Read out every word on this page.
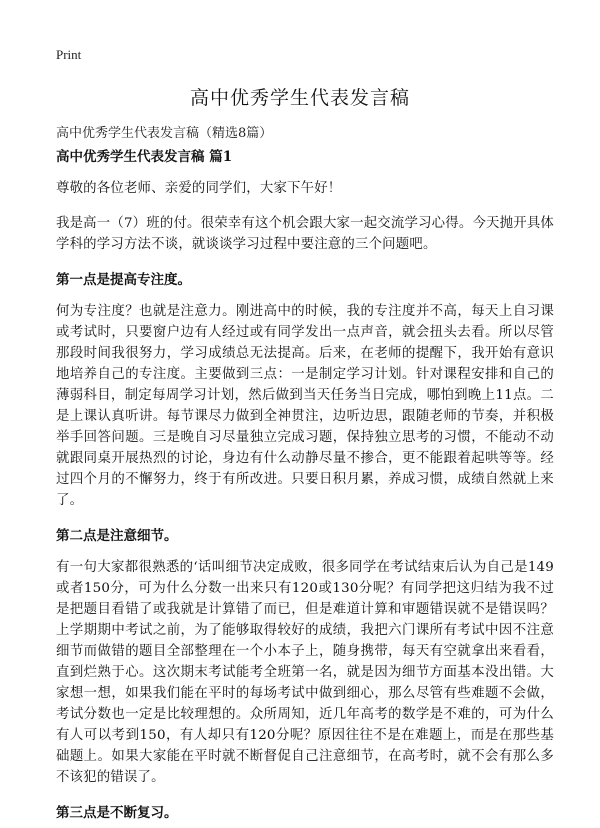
Print
高中优秀学生代表发言稿
高中优秀学生代表发言稿（精选8篇）
高中优秀学生代表发言稿 篇1
尊敬的各位老师、亲爱的同学们，大家下午好！
我是高一（7）班的付。很荣幸有这个机会跟大家一起交流学习心得。今天抛开具体学科的学习方法不谈，就谈谈学习过程中要注意的三个问题吧。
第一点是提高专注度。
何为专注度？也就是注意力。刚进高中的时候，我的专注度并不高，每天上自习课或考试时，只要窗户边有人经过或有同学发出一点声音，就会扭头去看。所以尽管那段时间我很努力，学习成绩总无法提高。后来，在老师的提醒下，我开始有意识地培养自己的专注度。主要做到三点：一是制定学习计划。针对课程安排和自己的薄弱科目，制定每周学习计划，然后做到当天任务当日完成，哪怕到晚上11点。二是上课认真听讲。每节课尽力做到全神贯注，边听边思，跟随老师的节奏，并积极举手回答问题。三是晚自习尽量独立完成习题，保持独立思考的习惯，不能动不动就跟同桌开展热烈的讨论，身边有什么动静尽量不掺合，更不能跟着起哄等等。经过四个月的不懈努力，终于有所改进。只要日积月累，养成习惯，成绩自然就上来了。
第二点是注意细节。
有一句大家都很熟悉的‘话叫细节决定成败，很多同学在考试结束后认为自己是149或者150分，可为什么分数一出来只有120或130分呢？有同学把这归结为我不过是把题目看错了或我就是计算错了而已，但是难道计算和审题错误就不是错误吗？上学期期中考试之前，为了能够取得较好的成绩，我把六门课所有考试中因不注意细节而做错的题目全部整理在一个小本子上，随身携带，每天有空就拿出来看看，直到烂熟于心。这次期末考试能考全班第一名，就是因为细节方面基本没出错。大家想一想，如果我们能在平时的每场考试中做到细心，那么尽管有些难题不会做，考试分数也一定是比较理想的。众所周知，近几年高考的数学是不难的，可为什么有人可以考到150，有人却只有120分呢？原因往往不是在难题上，而是在那些基础题上。如果大家能在平时就不断督促自己注意细节，在高考时，就不会有那么多不该犯的错误了。
第三点是不断复习。
